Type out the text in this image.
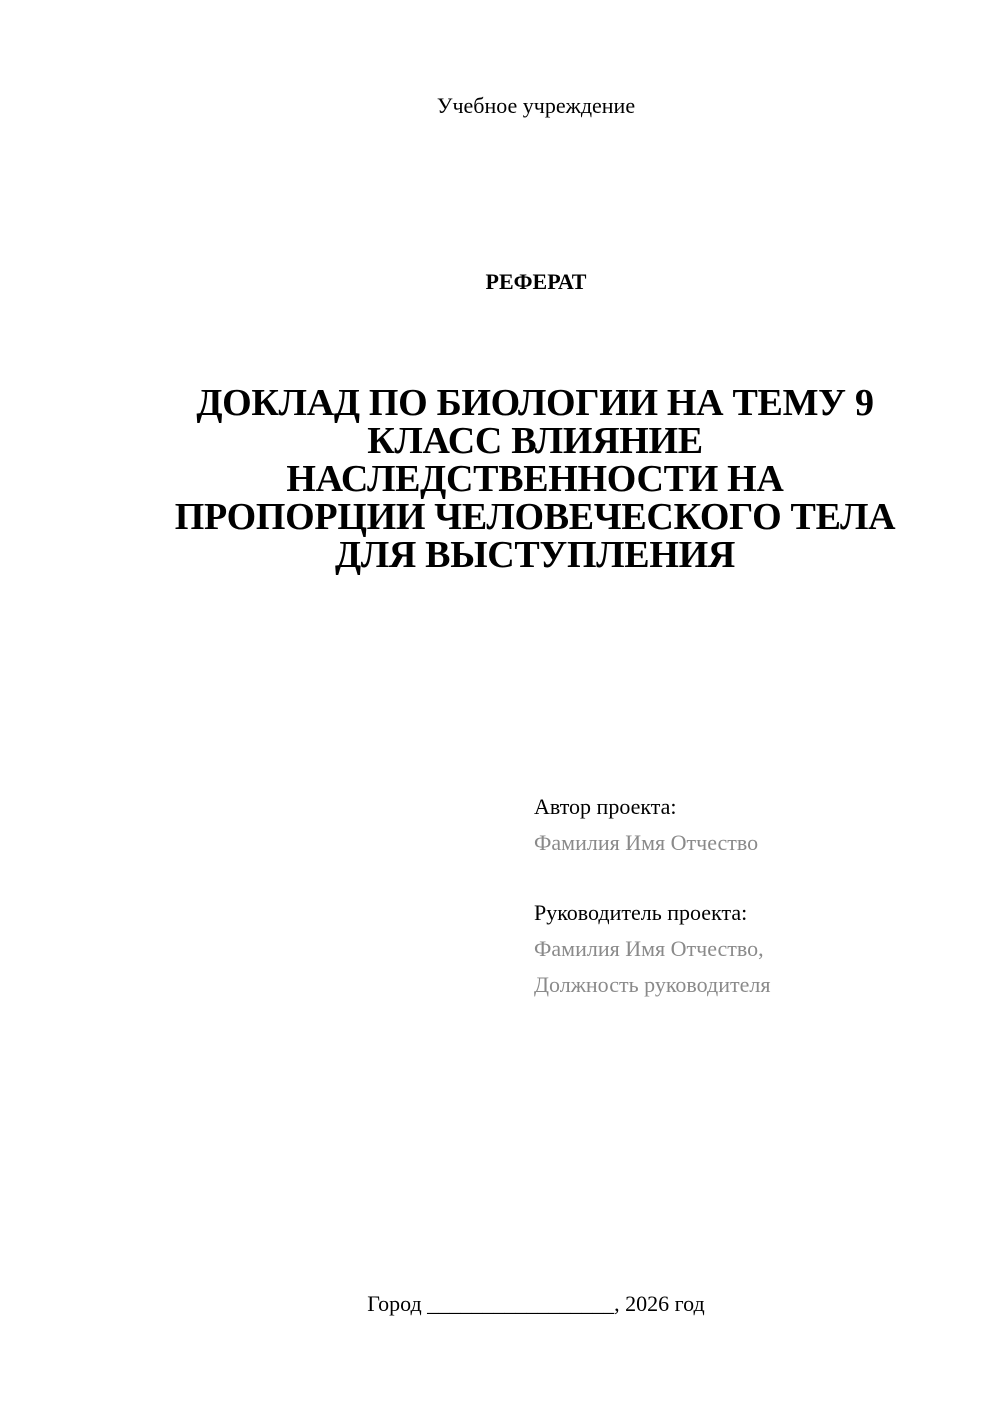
Учебное учреждение
РЕФЕРАТ
ДОКЛАД ПО БИОЛОГИИ НА ТЕМУ 9
КЛАСС ВЛИЯНИЕ
НАСЛЕДСТВЕННОСТИ НА
ПРОПОРЦИИ ЧЕЛОВЕЧЕСКОГО ТЕЛА
ДЛЯ ВЫСТУПЛЕНИЯ
Автор проекта:
Фамилия Имя Отчество
Руководитель проекта:
Фамилия Имя Отчество,
Должность руководителя
Город _________________, 2026 год
